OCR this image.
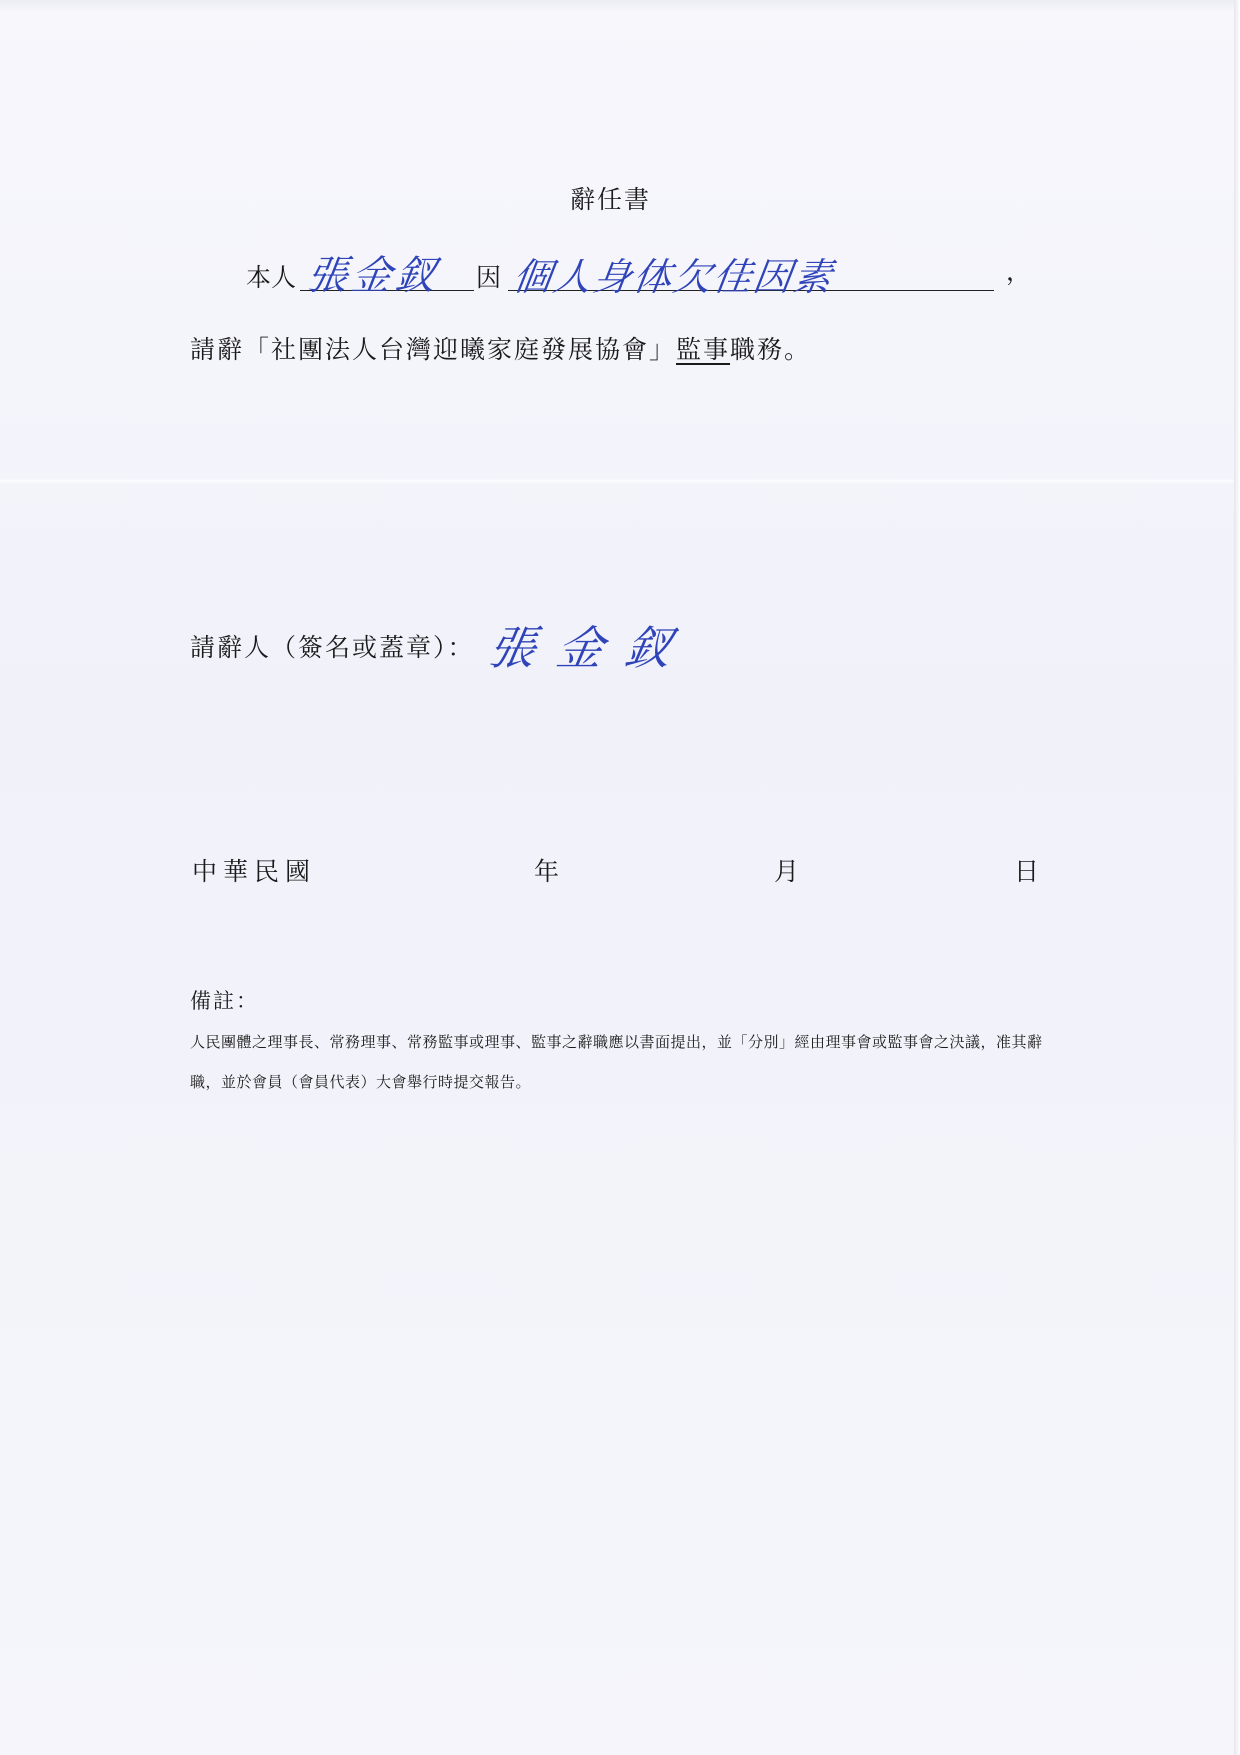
辭任書
本人 張金釵 因 個人身体欠佳因素	，
請辭「社團法人台灣迎曦家庭發展協會」監事職務。
請辭人（簽名或蓋章）： 張金釵
中華民國	年	月	日
備註：
人民團體之理事長、常務理事、常務監事或理事、監事之辭職應以書面提出，並「分別」經由理事會或監事會之決議，准其辭職，並於會員（會員代表）大會舉行時提交報告。
